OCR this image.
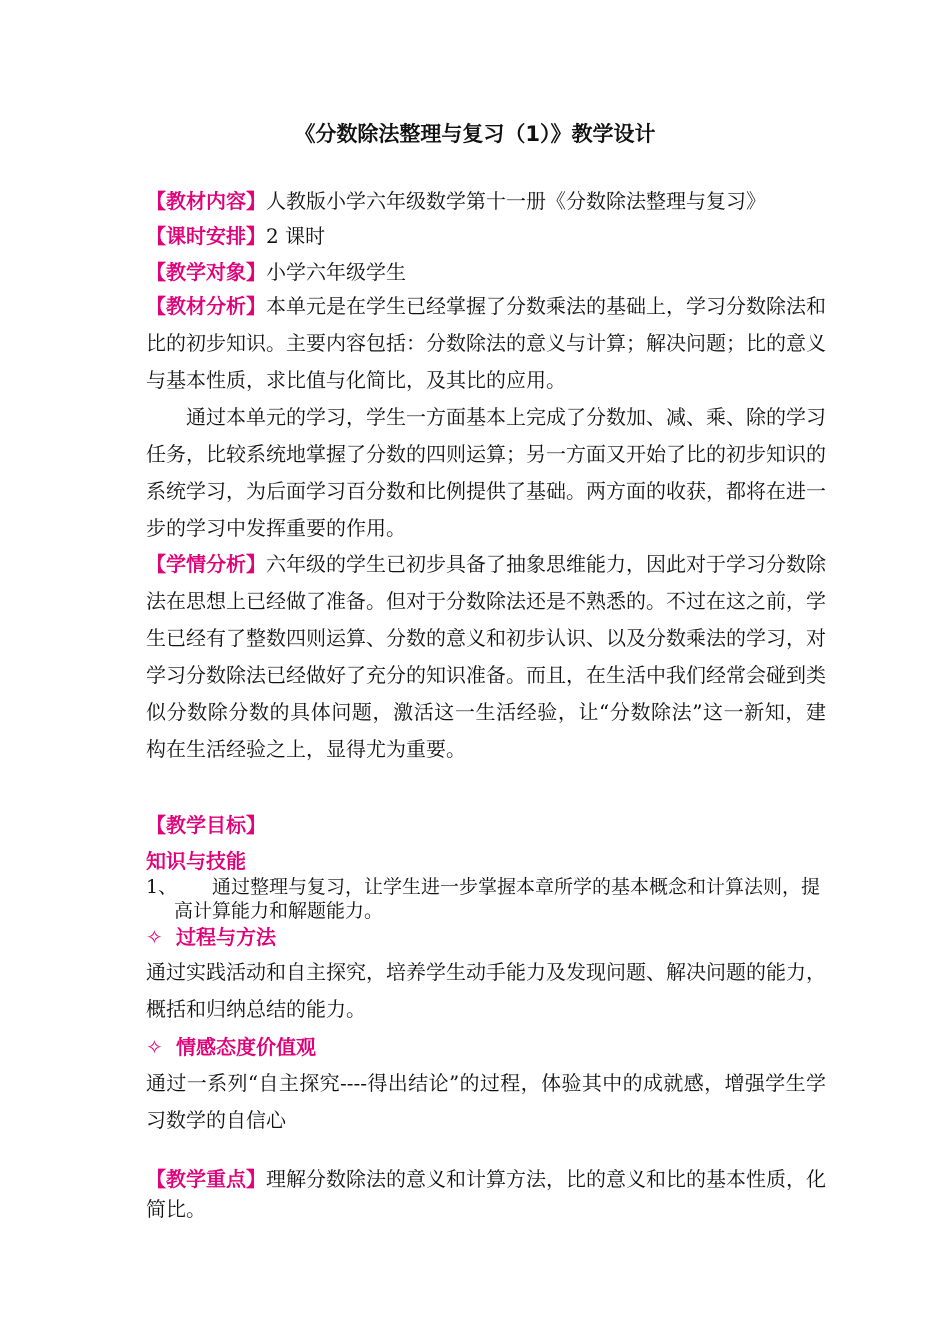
《分数除法整理与复习（1）》教学设计
【教材内容】人教版小学六年级数学第十一册《分数除法整理与复习》
【课时安排】2 课时
【教学对象】小学六年级学生
【教材分析】本单元是在学生已经掌握了分数乘法的基础上，学习分数除法和比的初步知识。主要内容包括：分数除法的意义与计算；解决问题；比的意义与基本性质，求比值与化简比，及其比的应用。
通过本单元的学习，学生一方面基本上完成了分数加、减、乘、除的学习任务，比较系统地掌握了分数的四则运算；另一方面又开始了比的初步知识的系统学习，为后面学习百分数和比例提供了基础。两方面的收获，都将在进一步的学习中发挥重要的作用。
【学情分析】六年级的学生已初步具备了抽象思维能力，因此对于学习分数除法在思想上已经做了准备。但对于分数除法还是不熟悉的。不过在这之前，学生已经有了整数四则运算、分数的意义和初步认识、以及分数乘法的学习，对学习分数除法已经做好了充分的知识准备。而且，在生活中我们经常会碰到类似分数除分数的具体问题，激活这一生活经验，让“分数除法”这一新知，建构在生活经验之上，显得尤为重要。
【教学目标】
知识与技能
1、	通过整理与复习，让学生进一步掌握本章所学的基本概念和计算法则，提高计算能力和解题能力。
✧ 过程与方法
通过实践活动和自主探究，培养学生动手能力及发现问题、解决问题的能力，概括和归纳总结的能力。
✧ 情感态度价值观
通过一系列“自主探究----得出结论”的过程，体验其中的成就感，增强学生学习数学的自信心
【教学重点】理解分数除法的意义和计算方法，比的意义和比的基本性质，化简比。
